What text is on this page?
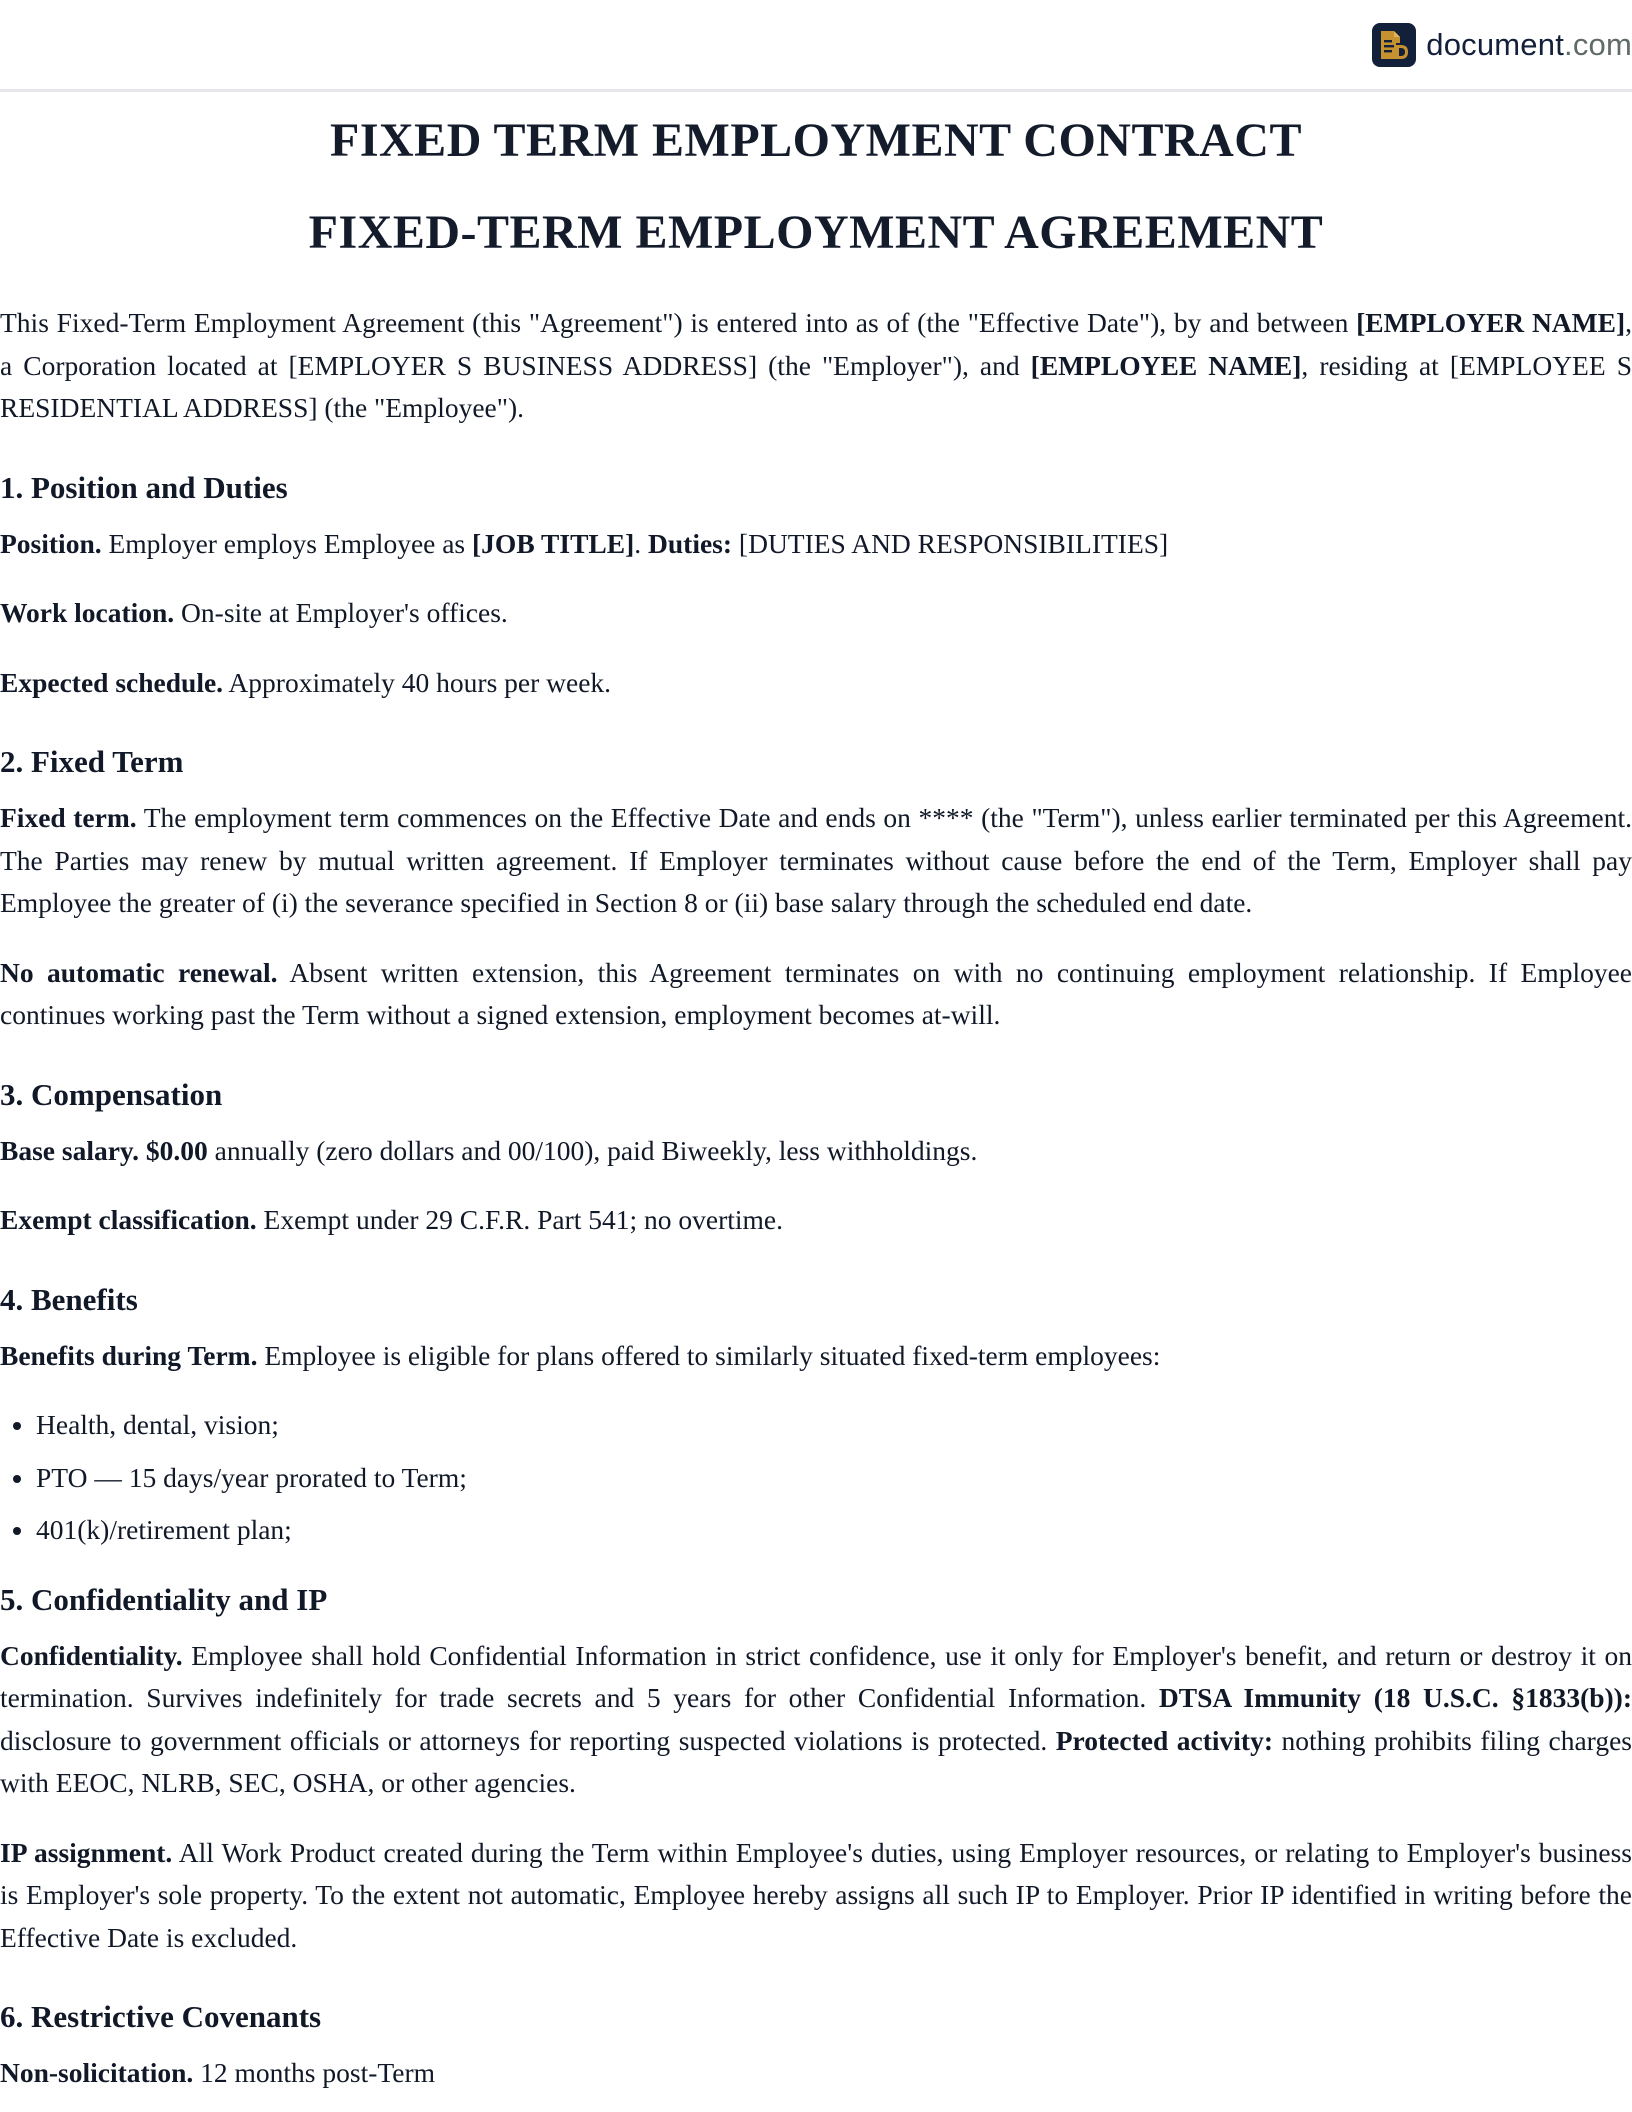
document.com
FIXED TERM EMPLOYMENT CONTRACT
FIXED-TERM EMPLOYMENT AGREEMENT

This Fixed-Term Employment Agreement (this "Agreement") is entered into as of (the "Effective Date"), by and between [EMPLOYER NAME], a Corporation located at [EMPLOYER S BUSINESS ADDRESS] (the "Employer"), and [EMPLOYEE NAME], residing at [EMPLOYEE S RESIDENTIAL ADDRESS] (the "Employee").

1. Position and Duties

Position. Employer employs Employee as [JOB TITLE]. Duties: [DUTIES AND RESPONSIBILITIES]

Work location. On-site at Employer's offices.

Expected schedule. Approximately 40 hours per week.

2. Fixed Term

Fixed term. The employment term commences on the Effective Date and ends on **** (the "Term"), unless earlier terminated per this Agreement. The Parties may renew by mutual written agreement. If Employer terminates without cause before the end of the Term, Employer shall pay Employee the greater of (i) the severance specified in Section 8 or (ii) base salary through the scheduled end date.

No automatic renewal. Absent written extension, this Agreement terminates on with no continuing employment relationship. If Employee continues working past the Term without a signed extension, employment becomes at-will.

3. Compensation

Base salary. $0.00 annually (zero dollars and 00/100), paid Biweekly, less withholdings.

Exempt classification. Exempt under 29 C.F.R. Part 541; no overtime.

4. Benefits

Benefits during Term. Employee is eligible for plans offered to similarly situated fixed-term employees:

• Health, dental, vision;
• PTO — 15 days/year prorated to Term;
• 401(k)/retirement plan;
5. Confidentiality and IP

Confidentiality. Employee shall hold Confidential Information in strict confidence, use it only for Employer's benefit, and return or destroy it on termination. Survives indefinitely for trade secrets and 5 years for other Confidential Information. DTSA Immunity (18 U.S.C. §1833(b)): disclosure to government officials or attorneys for reporting suspected violations is protected. Protected activity: nothing prohibits filing charges with EEOC, NLRB, SEC, OSHA, or other agencies.

IP assignment. All Work Product created during the Term within Employee's duties, using Employer resources, or relating to Employer's business is Employer's sole property. To the extent not automatic, Employee hereby assigns all such IP to Employer. Prior IP identified in writing before the Effective Date is excluded.

6. Restrictive Covenants

Non-solicitation. 12 months post-Term
